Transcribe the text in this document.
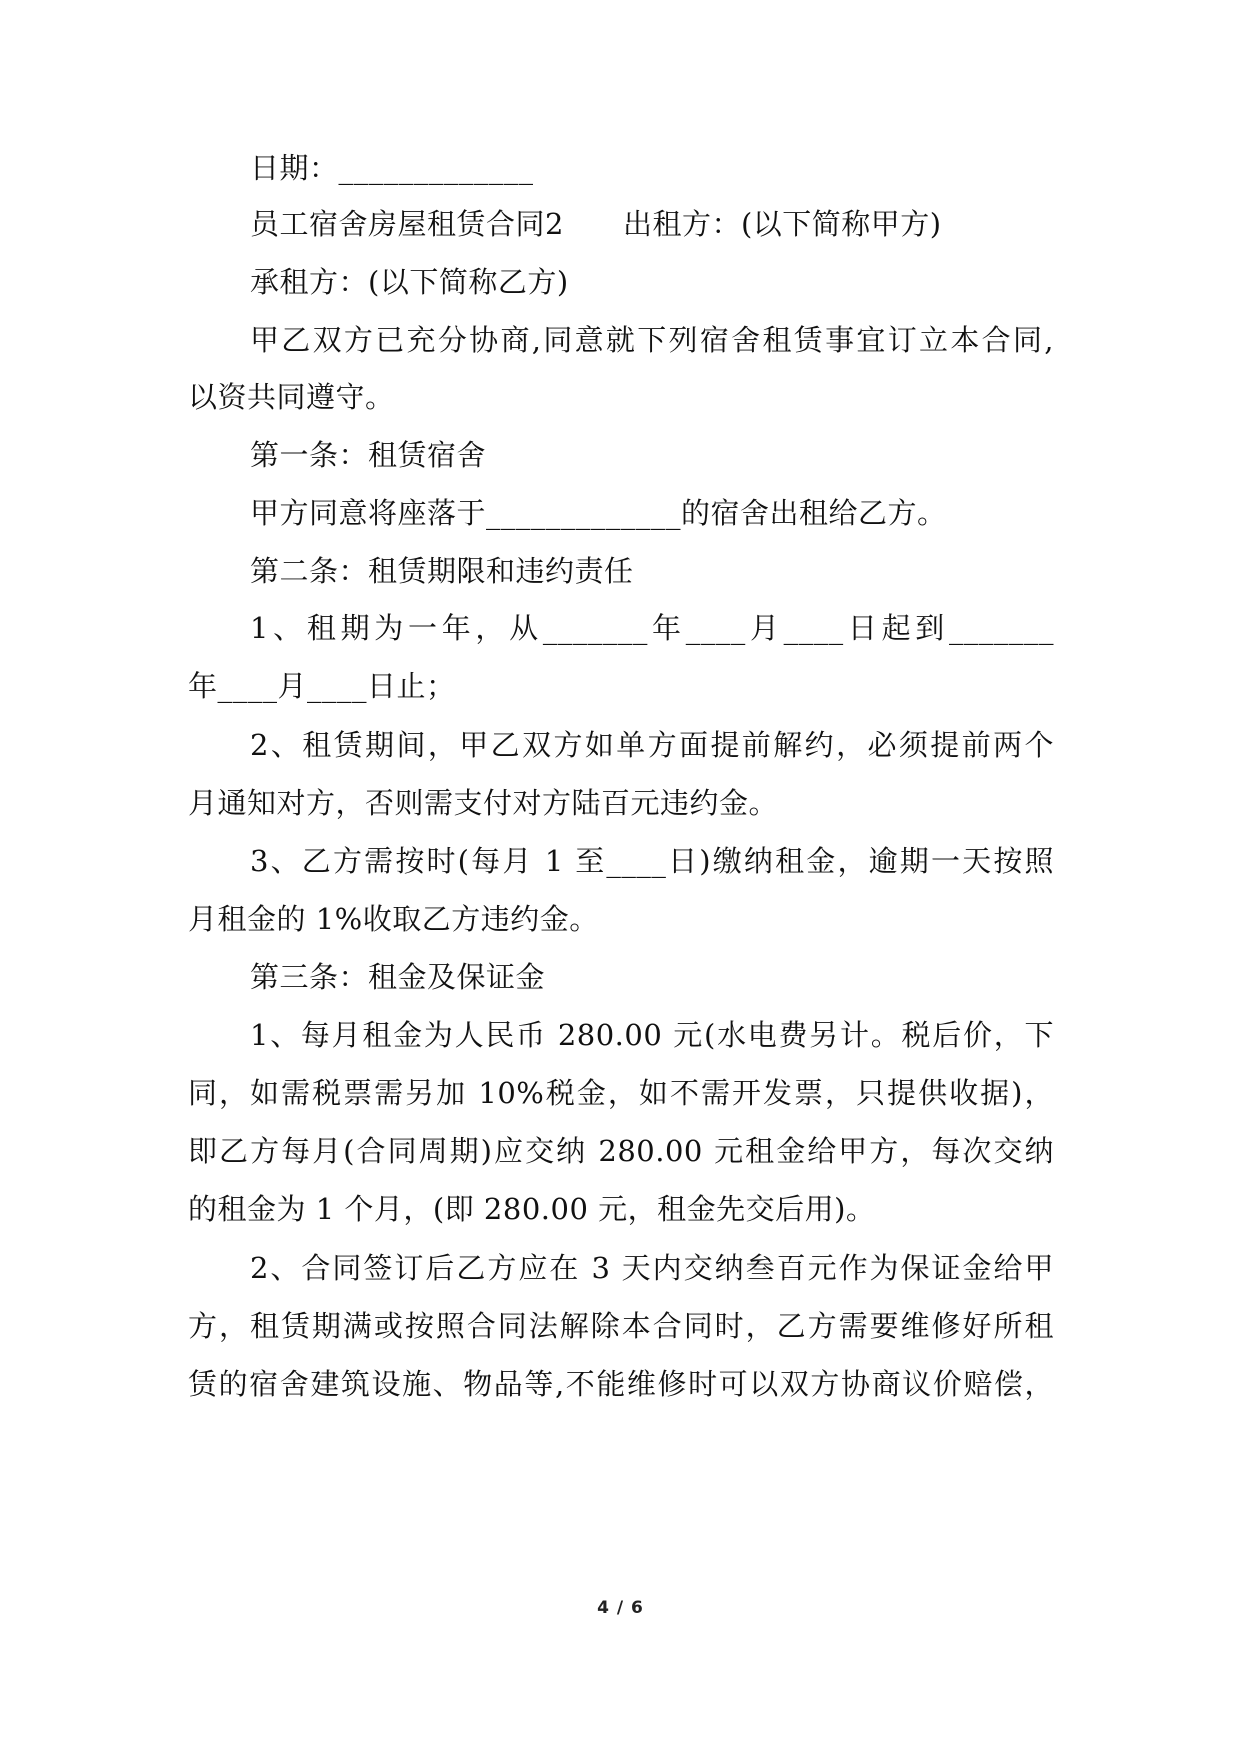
日期：_____________
员工宿舍房屋租赁合同2　　出租方：(以下简称甲方)
承租方：(以下简称乙方)
甲乙双方已充分协商,同意就下列宿舍租赁事宜订立本合同,
以资共同遵守。
第一条：租赁宿舍
甲方同意将座落于_____________的宿舍出租给乙方。
第二条：租赁期限和违约责任
1、租期为一年，从_______年____月____日起到_______
年____月____日止；
2、租赁期间，甲乙双方如单方面提前解约，必须提前两个
月通知对方，否则需支付对方陆百元违约金。
3、乙方需按时(每月 1 至____日)缴纳租金，逾期一天按照
月租金的 1%收取乙方违约金。
第三条：租金及保证金
1、每月租金为人民币 280.00 元(水电费另计。税后价，下
同，如需税票需另加 10%税金，如不需开发票，只提供收据)，
即乙方每月(合同周期)应交纳 280.00 元租金给甲方，每次交纳
的租金为 1 个月，(即 280.00 元，租金先交后用)。
2、合同签订后乙方应在 3 天内交纳叁百元作为保证金给甲
方，租赁期满或按照合同法解除本合同时，乙方需要维修好所租
赁的宿舍建筑设施、物品等,不能维修时可以双方协商议价赔偿，
4 / 6
